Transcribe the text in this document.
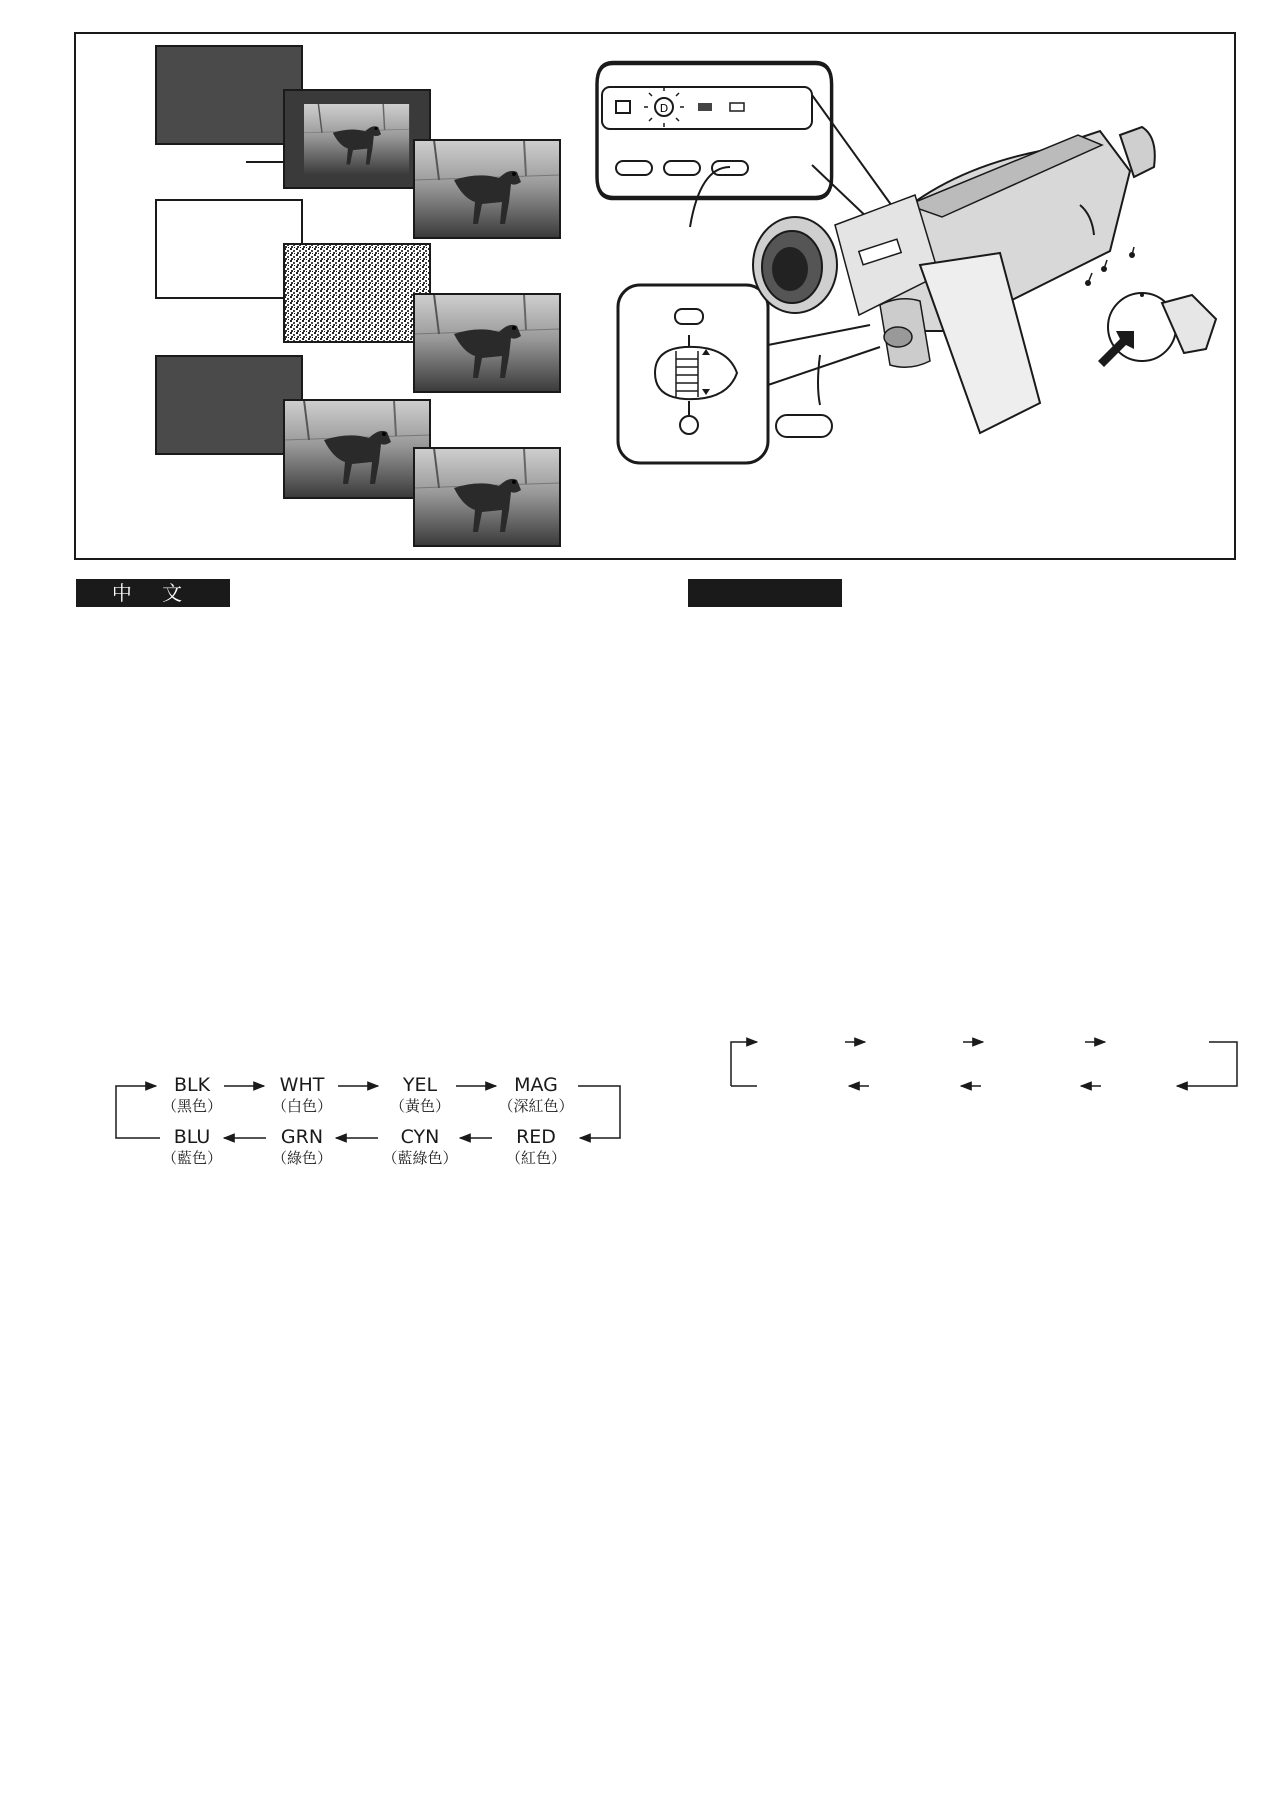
D
中 文
BLK
（黑色）
WHT
（白色）
YEL
（黃色）
MAG
（深紅色）
BLU
（藍色）
GRN
（綠色）
CYN
（藍綠色）
RED
（紅色）
